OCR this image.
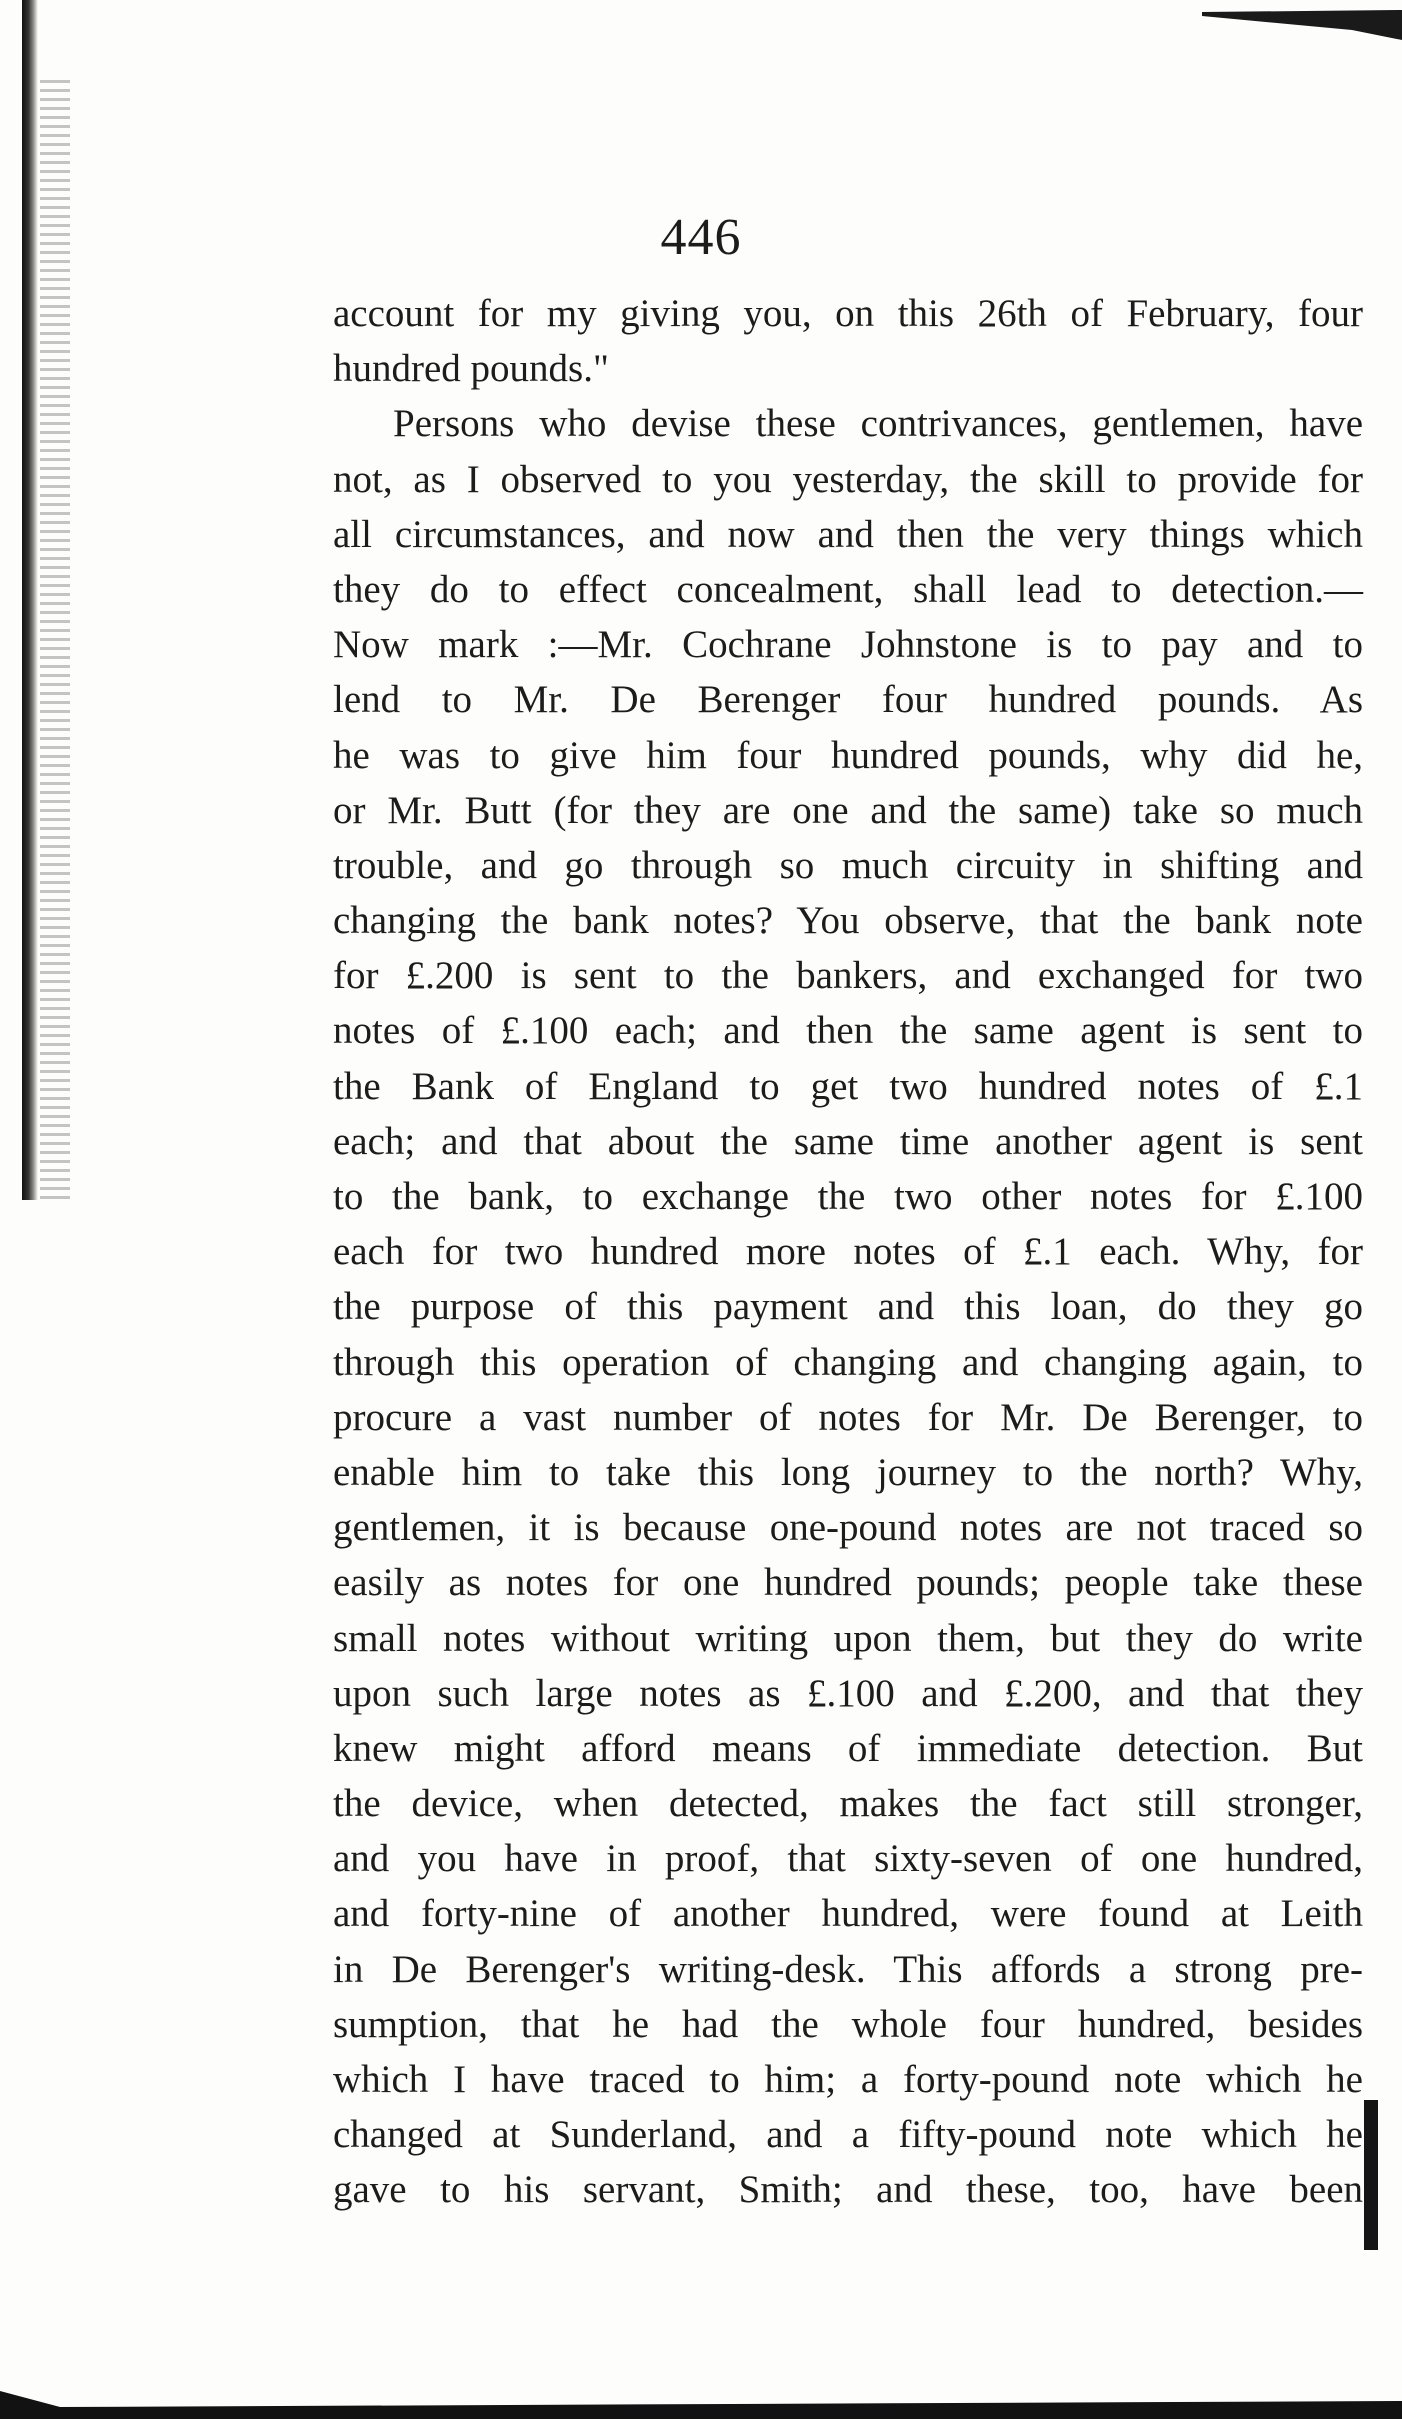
446
account for my giving you, on this 26th of February, four
hundred pounds."
Persons who devise these contrivances, gentlemen, have
not, as I observed to you yesterday, the skill to provide for
all circumstances, and now and then the very things which
they do to effect concealment, shall lead to detection.—
Now mark :—Mr. Cochrane Johnstone is to pay and to
lend to Mr. De Berenger four hundred pounds. As
he was to give him four hundred pounds, why did he,
or Mr. Butt (for they are one and the same) take so much
trouble, and go through so much circuity in shifting and
changing the bank notes? You observe, that the bank note
for £.200 is sent to the bankers, and exchanged for two
notes of £.100 each; and then the same agent is sent to
the Bank of England to get two hundred notes of £.1
each; and that about the same time another agent is sent
to the bank, to exchange the two other notes for £.100
each for two hundred more notes of £.1 each. Why, for
the purpose of this payment and this loan, do they go
through this operation of changing and changing again, to
procure a vast number of notes for Mr. De Berenger, to
enable him to take this long journey to the north? Why,
gentlemen, it is because one-pound notes are not traced so
easily as notes for one hundred pounds; people take these
small notes without writing upon them, but they do write
upon such large notes as £.100 and £.200, and that they
knew might afford means of immediate detection. But
the device, when detected, makes the fact still stronger,
and you have in proof, that sixty-seven of one hundred,
and forty-nine of another hundred, were found at Leith
in De Berenger's writing-desk. This affords a strong pre-
sumption, that he had the whole four hundred, besides
which I have traced to him; a forty-pound note which he
changed at Sunderland, and a fifty-pound note which he
gave to his servant, Smith; and these, too, have been
